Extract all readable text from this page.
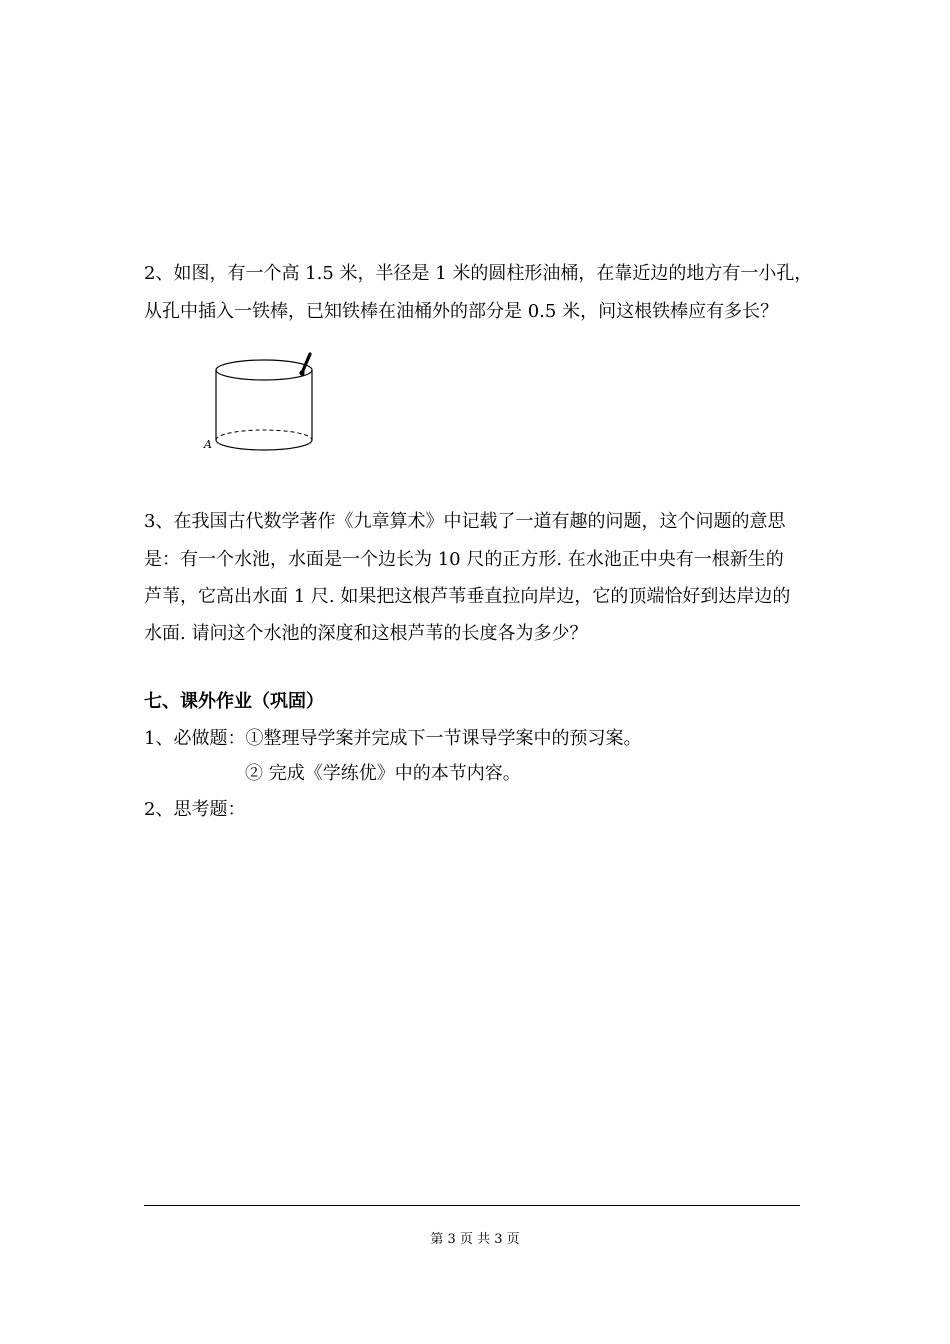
2、如图，有一个高 1.5 米，半径是 1 米的圆柱形油桶，在靠近边的地方有一小孔，
从孔中插入一铁棒，已知铁棒在油桶外的部分是 0.5 米，问这根铁棒应有多长？
A
3、在我国古代数学著作《九章算术》中记载了一道有趣的问题，这个问题的意思
是：有一个水池，水面是一个边长为 10 尺的正方形. 在水池正中央有一根新生的
芦苇，它高出水面 1 尺. 如果把这根芦苇垂直拉向岸边，它的顶端恰好到达岸边的
水面. 请问这个水池的深度和这根芦苇的长度各为多少？
七、课外作业（巩固）
1、必做题：①整理导学案并完成下一节课导学案中的预习案。
② 完成《学练优》中的本节内容。
2、思考题：
第 3 页 共 3 页
